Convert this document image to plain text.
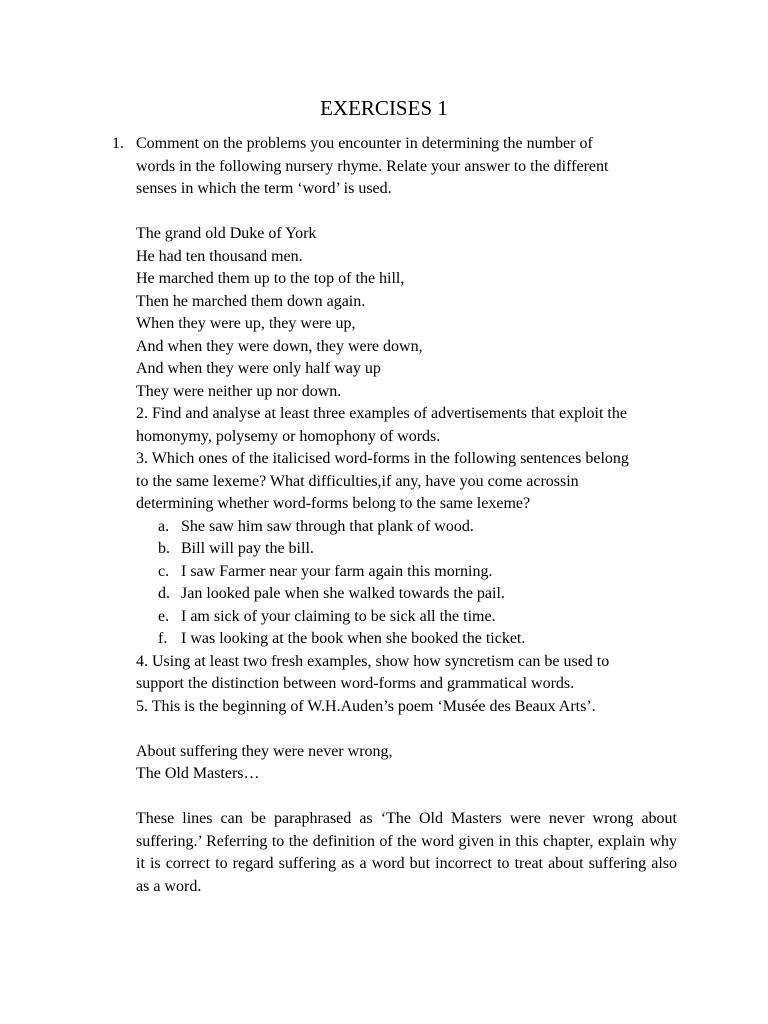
EXERCISES 1
1. Comment on the problems you encounter in determining the number of
words in the following nursery rhyme. Relate your answer to the different
senses in which the term ‘word’ is used.
The grand old Duke of York
He had ten thousand men.
He marched them up to the top of the hill,
Then he marched them down again.
When they were up, they were up,
And when they were down, they were down,
And when they were only half way up
They were neither up nor down.
2. Find and analyse at least three examples of advertisements that exploit the
homonymy, polysemy or homophony of words.
3. Which ones of the italicised word-forms in the following sentences belong
to the same lexeme? What difficulties,if any, have you come acrossin
determining whether word-forms belong to the same lexeme?
a. She saw him saw through that plank of wood.
b. Bill will pay the bill.
c. I saw Farmer near your farm again this morning.
d. Jan looked pale when she walked towards the pail.
e. I am sick of your claiming to be sick all the time.
f. I was looking at the book when she booked the ticket.
4. Using at least two fresh examples, show how syncretism can be used to
support the distinction between word-forms and grammatical words.
5. This is the beginning of W.H.Auden’s poem ‘Musée des Beaux Arts’.
About suffering they were never wrong,
The Old Masters…

These lines can be paraphrased as ‘The Old Masters were never wrong about suffering.’ Referring to the definition of the word given in this chapter, explain why it is correct to regard suffering as a word but incorrect to treat about suffering also as a word.
